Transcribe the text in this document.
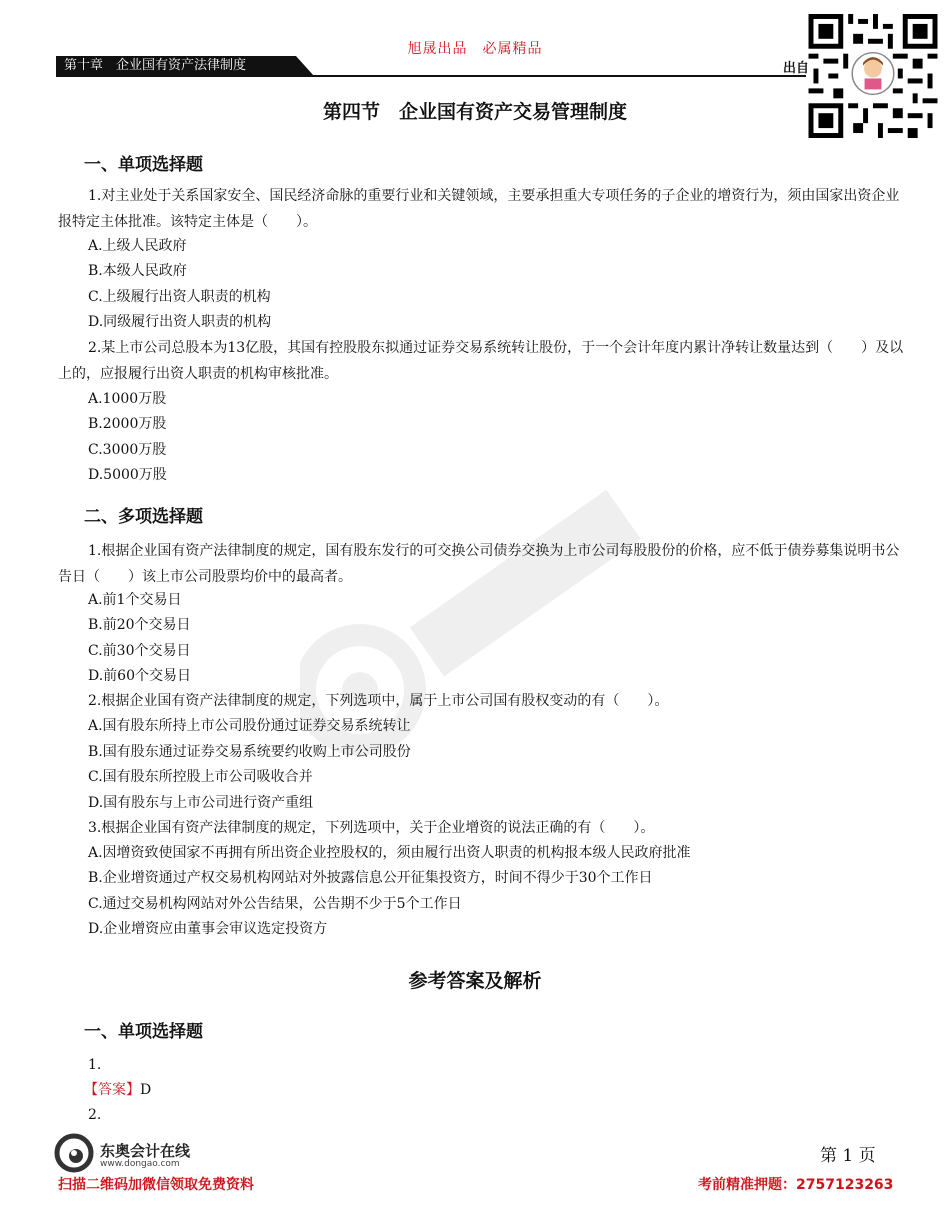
旭晟出品　必属精品
第十章　企业国有资产法律制度	出自
第四节　企业国有资产交易管理制度
一、单项选择题
1.对主业处于关系国家安全、国民经济命脉的重要行业和关键领域，主要承担重大专项任务的子企业的增资行为，须由国家出资企业报特定主体批准。该特定主体是（　　）。
A.上级人民政府
B.本级人民政府
C.上级履行出资人职责的机构
D.同级履行出资人职责的机构
2.某上市公司总股本为13亿股，其国有控股股东拟通过证券交易系统转让股份，于一个会计年度内累计净转让数量达到（　　）及以上的，应报履行出资人职责的机构审核批准。
A.1000万股
B.2000万股
C.3000万股
D.5000万股
二、多项选择题
1.根据企业国有资产法律制度的规定，国有股东发行的可交换公司债券交换为上市公司每股股份的价格，应不低于债券募集说明书公告日（　　）该上市公司股票均价中的最高者。
A.前1个交易日
B.前20个交易日
C.前30个交易日
D.前60个交易日
2.根据企业国有资产法律制度的规定，下列选项中，属于上市公司国有股权变动的有（　　）。
A.国有股东所持上市公司股份通过证券交易系统转让
B.国有股东通过证券交易系统要约收购上市公司股份
C.国有股东所控股上市公司吸收合并
D.国有股东与上市公司进行资产重组
3.根据企业国有资产法律制度的规定，下列选项中，关于企业增资的说法正确的有（　　）。
A.因增资致使国家不再拥有所出资企业控股权的，须由履行出资人职责的机构报本级人民政府批准
B.企业增资通过产权交易机构网站对外披露信息公开征集投资方，时间不得少于30个工作日
C.通过交易机构网站对外公告结果，公告期不少于5个工作日
D.企业增资应由董事会审议选定投资方
参考答案及解析
一、单项选择题
1.
【答案】D
2.
东奥会计在线
www.dongao.com	第 1 页
扫描二维码加微信领取免费资料	考前精准押题：2757123263
